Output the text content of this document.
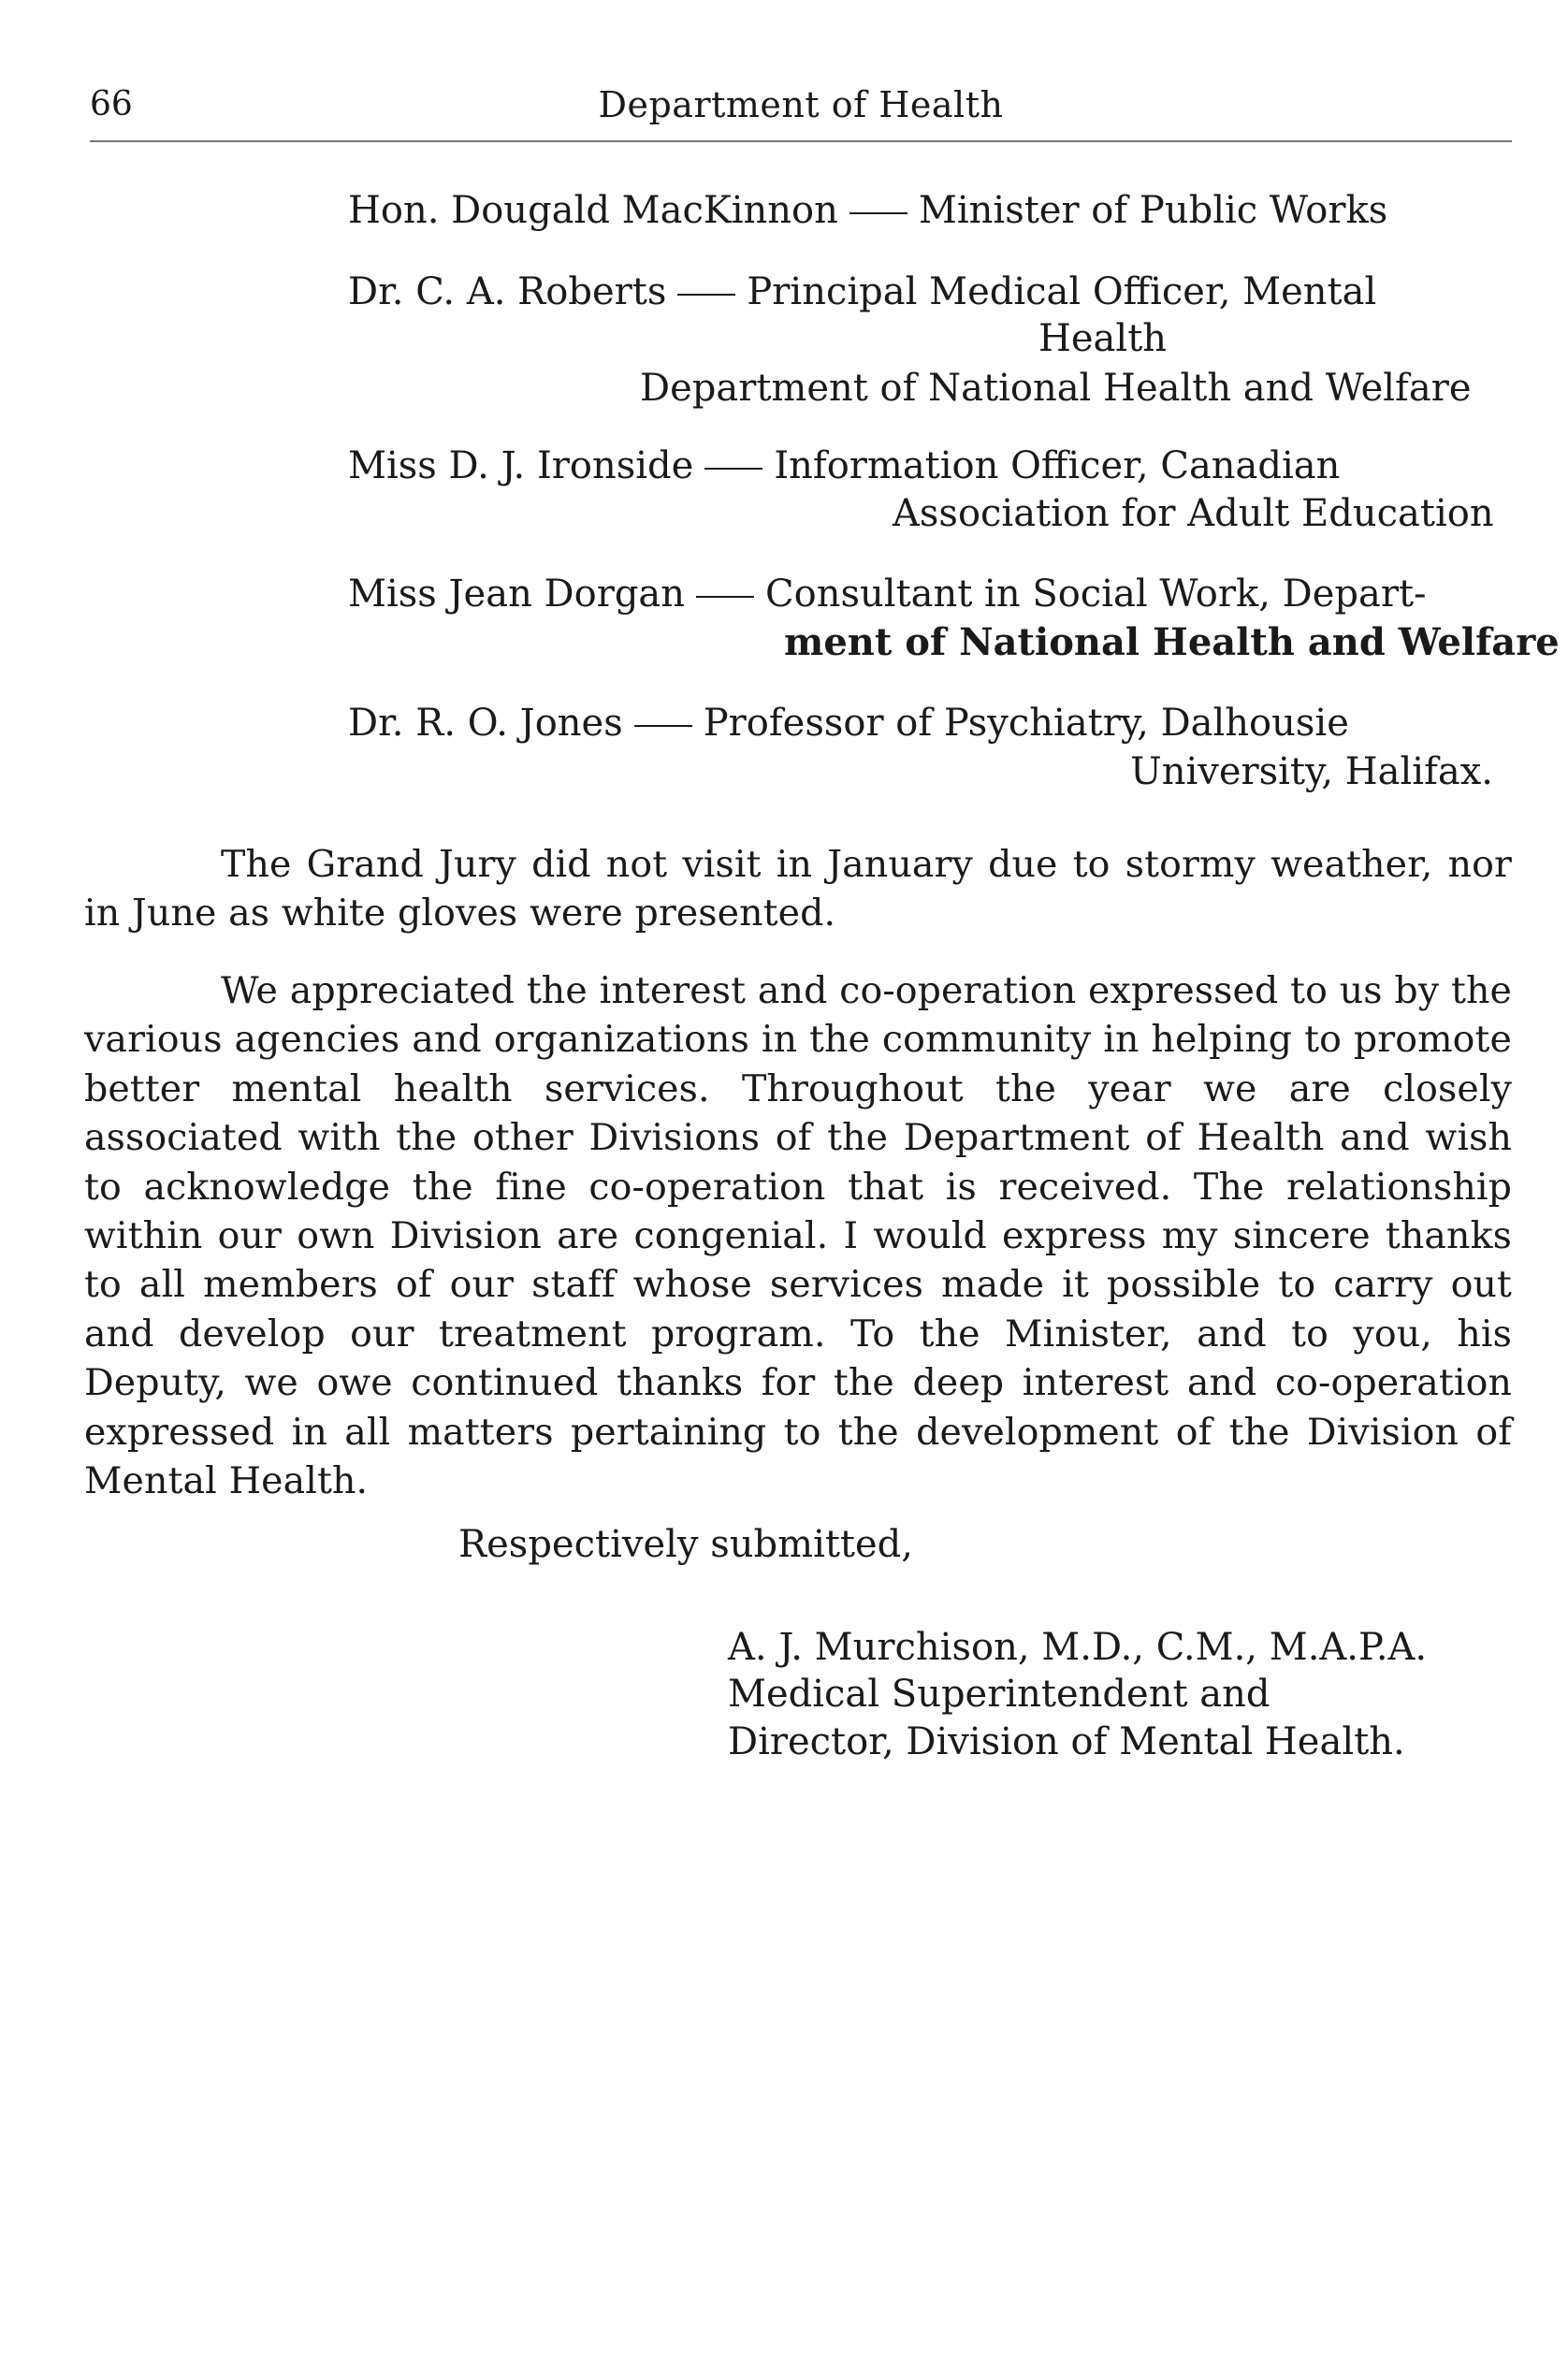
66	Department of Health
Hon. Dougald MacKinnon Minister of Public Works
Dr. C. A. Roberts Principal Medical Officer, Mental
Health
Department of National Health and Welfare
Miss D. J. Ironside Information Officer, Canadian
Association for Adult Education
Miss Jean Dorgan Consultant in Social Work, Depart-
ment of National Health and Welfare
Dr. R. O. Jones Professor of Psychiatry, Dalhousie
University, Halifax.
The Grand Jury did not visit in January due to stormy weather, nor in June as white gloves were presented.
We appreciated the interest and co-operation expressed to us by the various agencies and organizations in the community in helping to promote better mental health services. Throughout the year we are closely associated with the other Divisions of the Department of Health and wish to acknowledge the fine co-operation that is received. The relationship within our own Division are congenial. I would express my sincere thanks to all members of our staff whose services made it possible to carry out and develop our treatment program. To the Minister, and to you, his Deputy, we owe continued thanks for the deep interest and co-operation expressed in all matters pertaining to the development of the Division of Mental Health.
Respectively submitted,
A. J. Murchison, M.D., C.M., M.A.P.A.
Medical Superintendent and
Director, Division of Mental Health.
